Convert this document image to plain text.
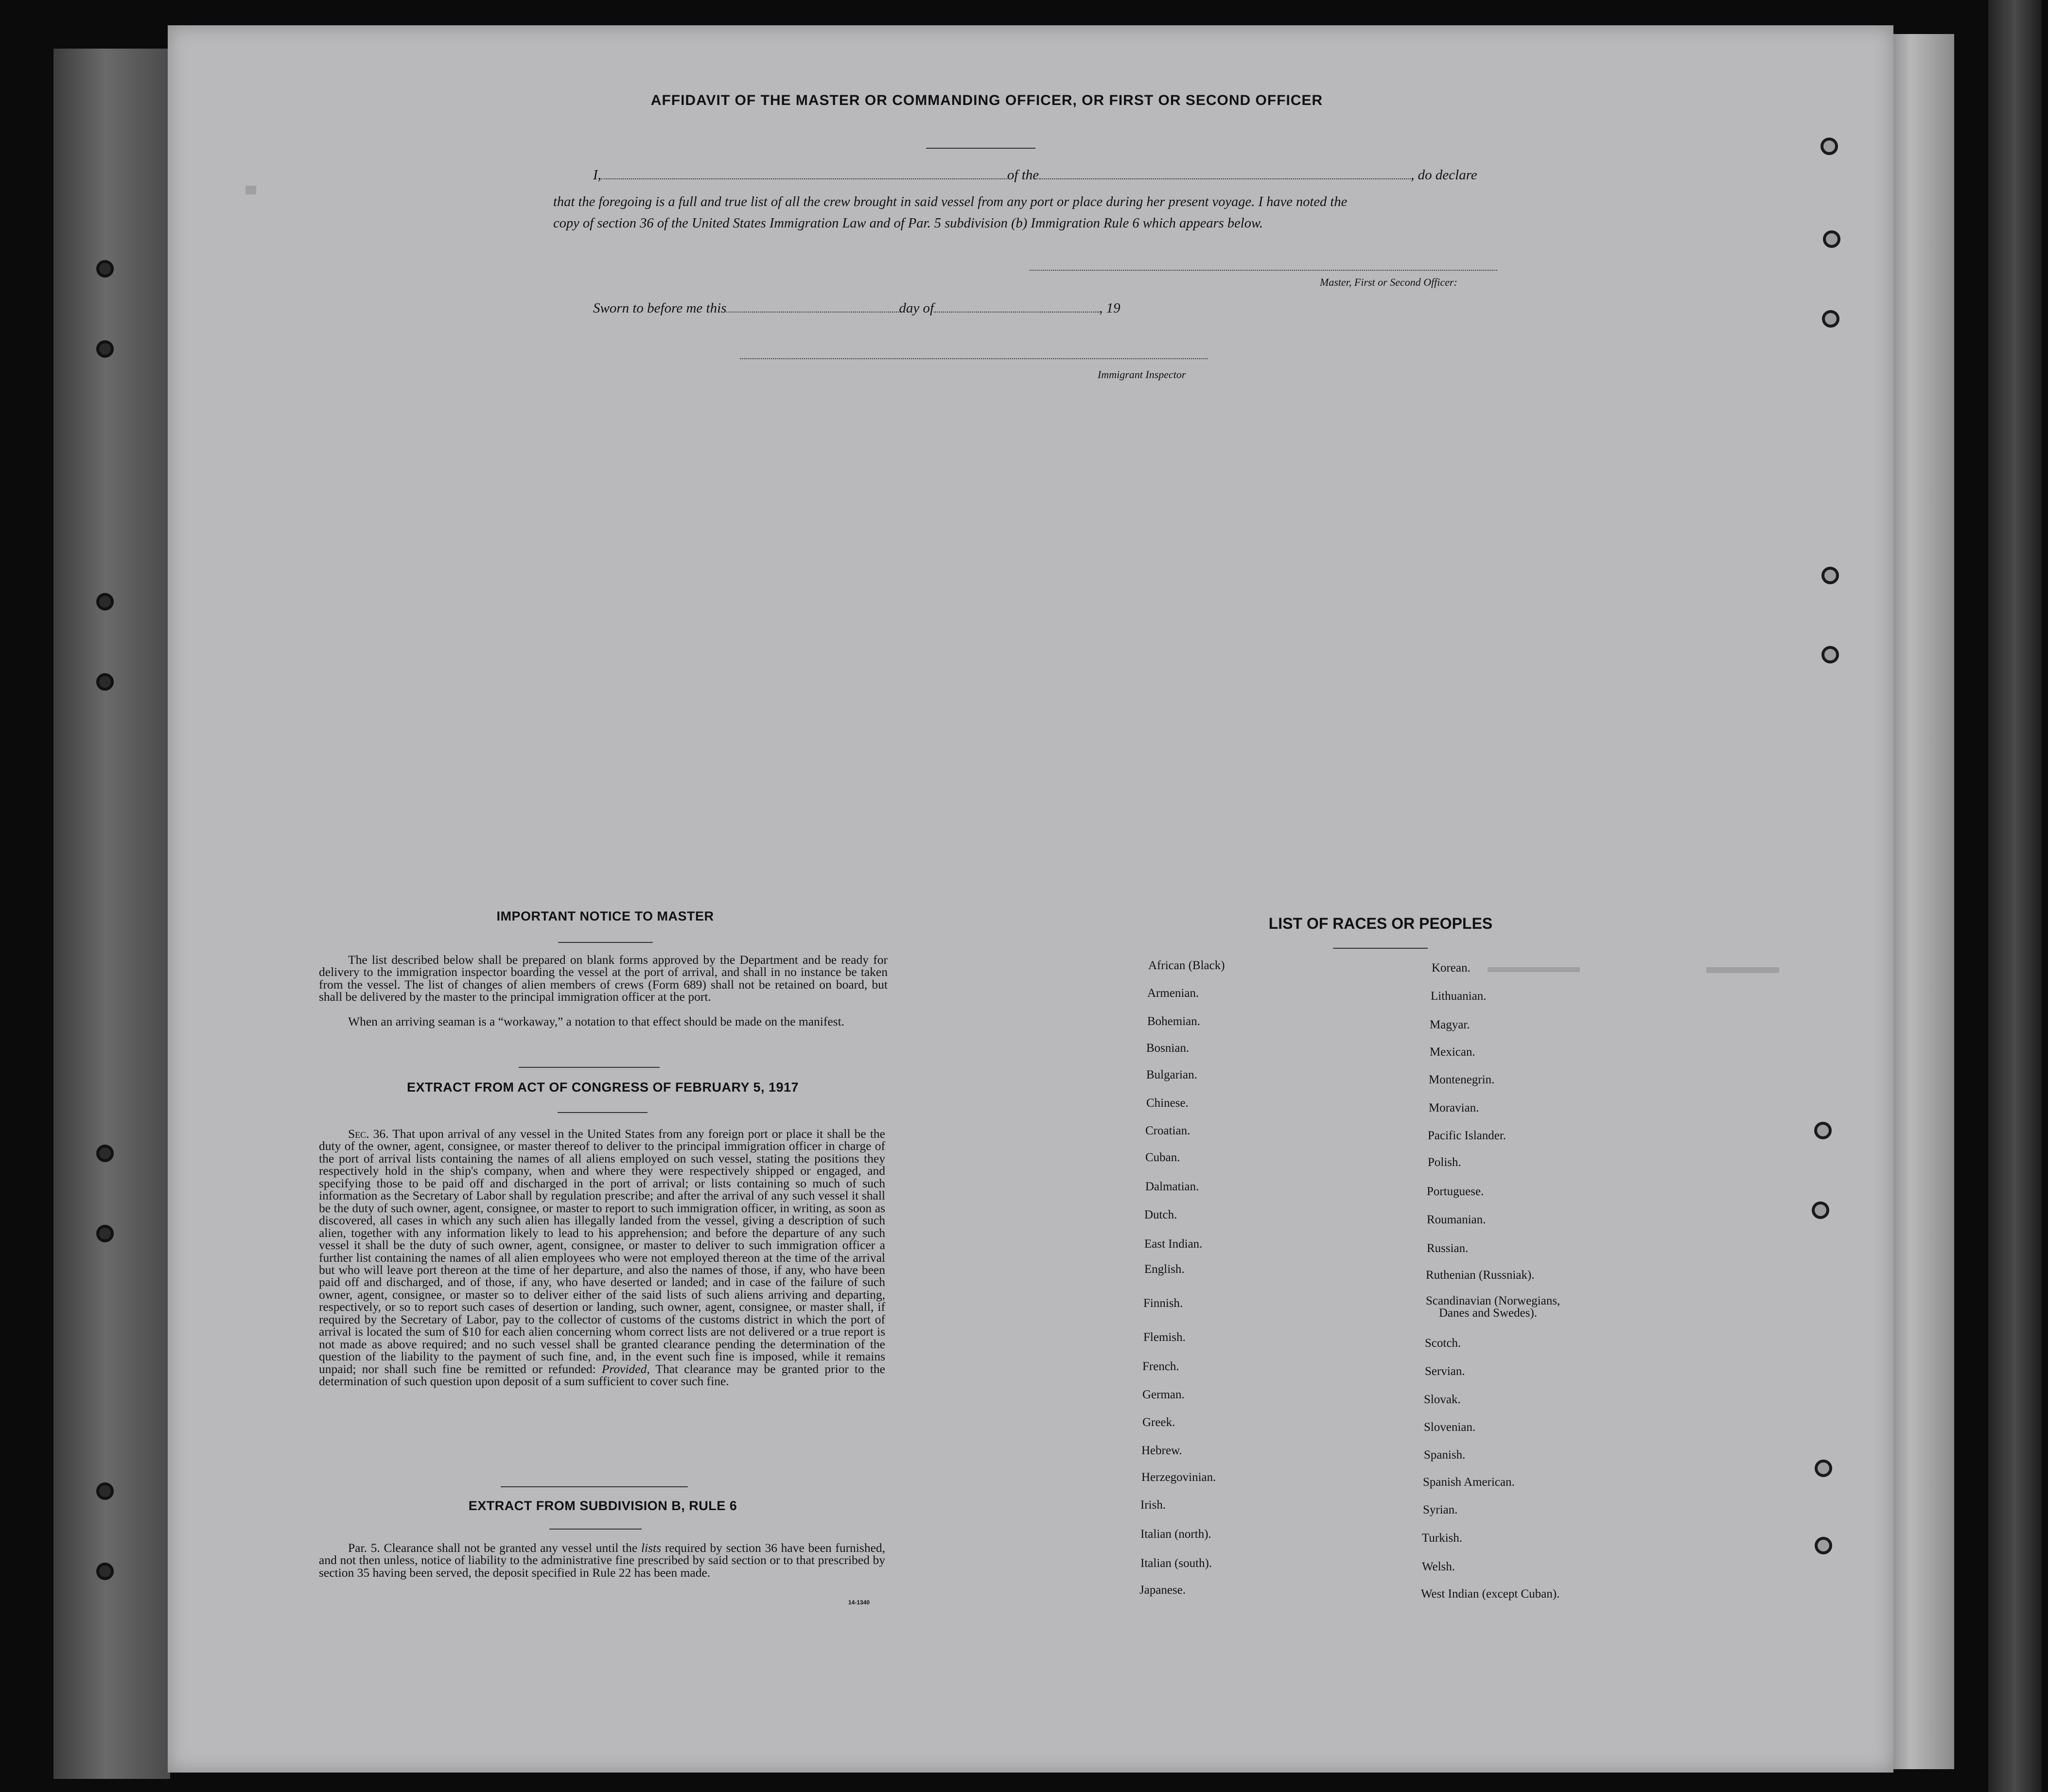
AFFIDAVIT OF THE MASTER OR COMMANDING OFFICER, OR FIRST OR SECOND OFFICER
I,	of the	, do declare
that the foregoing is a full and true list of all the crew brought in said vessel from any port or place during her present voyage. I have noted the
copy of section 36 of the United States Immigration Law and of Par. 5 subdivision (b) Immigration Rule 6 which appears below.
Master, First or Second Officer:
Sworn to before me this	day of	, 19
Immigrant Inspector
IMPORTANT NOTICE TO MASTER

The list described below shall be prepared on blank forms approved by the Department and be ready for delivery to the immigration inspector boarding the vessel at the port of arrival, and shall in no instance be taken from the vessel. The list of changes of alien members of crews (Form 689) shall not be retained on board, but shall be delivered by the master to the principal immigration officer at the port.

When an arriving seaman is a “workaway,” a notation to that effect should be made on the manifest.

EXTRACT FROM ACT OF CONGRESS OF FEBRUARY 5, 1917

Sec. 36. That upon arrival of any vessel in the United States from any foreign port or place it shall be the duty of the owner, agent, consignee, or master thereof to deliver to the principal immigration officer in charge of the port of arrival lists containing the names of all aliens employed on such vessel, stating the positions they respectively hold in the ship's company, when and where they were respectively shipped or engaged, and specifying those to be paid off and discharged in the port of arrival; or lists containing so much of such information as the Secretary of Labor shall by regulation prescribe; and after the arrival of any such vessel it shall be the duty of such owner, agent, consignee, or master to report to such immigration officer, in writing, as soon as discovered, all cases in which any such alien has illegally landed from the vessel, giving a description of such alien, together with any information likely to lead to his apprehension; and before the departure of any such vessel it shall be the duty of such owner, agent, consignee, or master to deliver to such immigration officer a further list containing the names of all alien employees who were not employed thereon at the time of the arrival but who will leave port thereon at the time of her departure, and also the names of those, if any, who have been paid off and discharged, and of those, if any, who have deserted or landed; and in case of the failure of such owner, agent, consignee, or master so to deliver either of the said lists of such aliens arriving and departing, respectively, or so to report such cases of desertion or landing, such owner, agent, consignee, or master shall, if required by the Secretary of Labor, pay to the collector of customs of the customs district in which the port of arrival is located the sum of $10 for each alien concerning whom correct lists are not delivered or a true report is not made as above required; and no such vessel shall be granted clearance pending the determination of the question of the liability to the payment of such fine, and, in the event such fine is imposed, while it remains unpaid; nor shall such fine be remitted or refunded: Provided, That clearance may be granted prior to the determination of such question upon deposit of a sum sufficient to cover such fine.

EXTRACT FROM SUBDIVISION B, RULE 6

Par. 5. Clearance shall not be granted any vessel until the lists required by section 36 have been furnished, and not then unless, notice of liability to the administrative fine prescribed by said section or to that prescribed by section 35 having been served, the deposit specified in Rule 22 has been made.

14-1340
LIST OF RACES OR PEOPLES
African (Black)
Armenian.
Bohemian.
Bosnian.
Bulgarian.
Chinese.
Croatian.
Cuban.
Dalmatian.
Dutch.
East Indian.
English.
Finnish.
Flemish.
French.
German.
Greek.
Hebrew.
Herzegovinian.
Irish.
Italian (north).
Italian (south).
Japanese.
Korean.
Lithuanian.
Magyar.
Mexican.
Montenegrin.
Moravian.
Pacific Islander.
Polish.
Portuguese.
Roumanian.
Russian.
Ruthenian (Russniak).
Scandinavian (Norwegians,
Danes and Swedes).
Scotch.
Servian.
Slovak.
Slovenian.
Spanish.
Spanish American.
Syrian.
Turkish.
Welsh.
West Indian (except Cuban).
